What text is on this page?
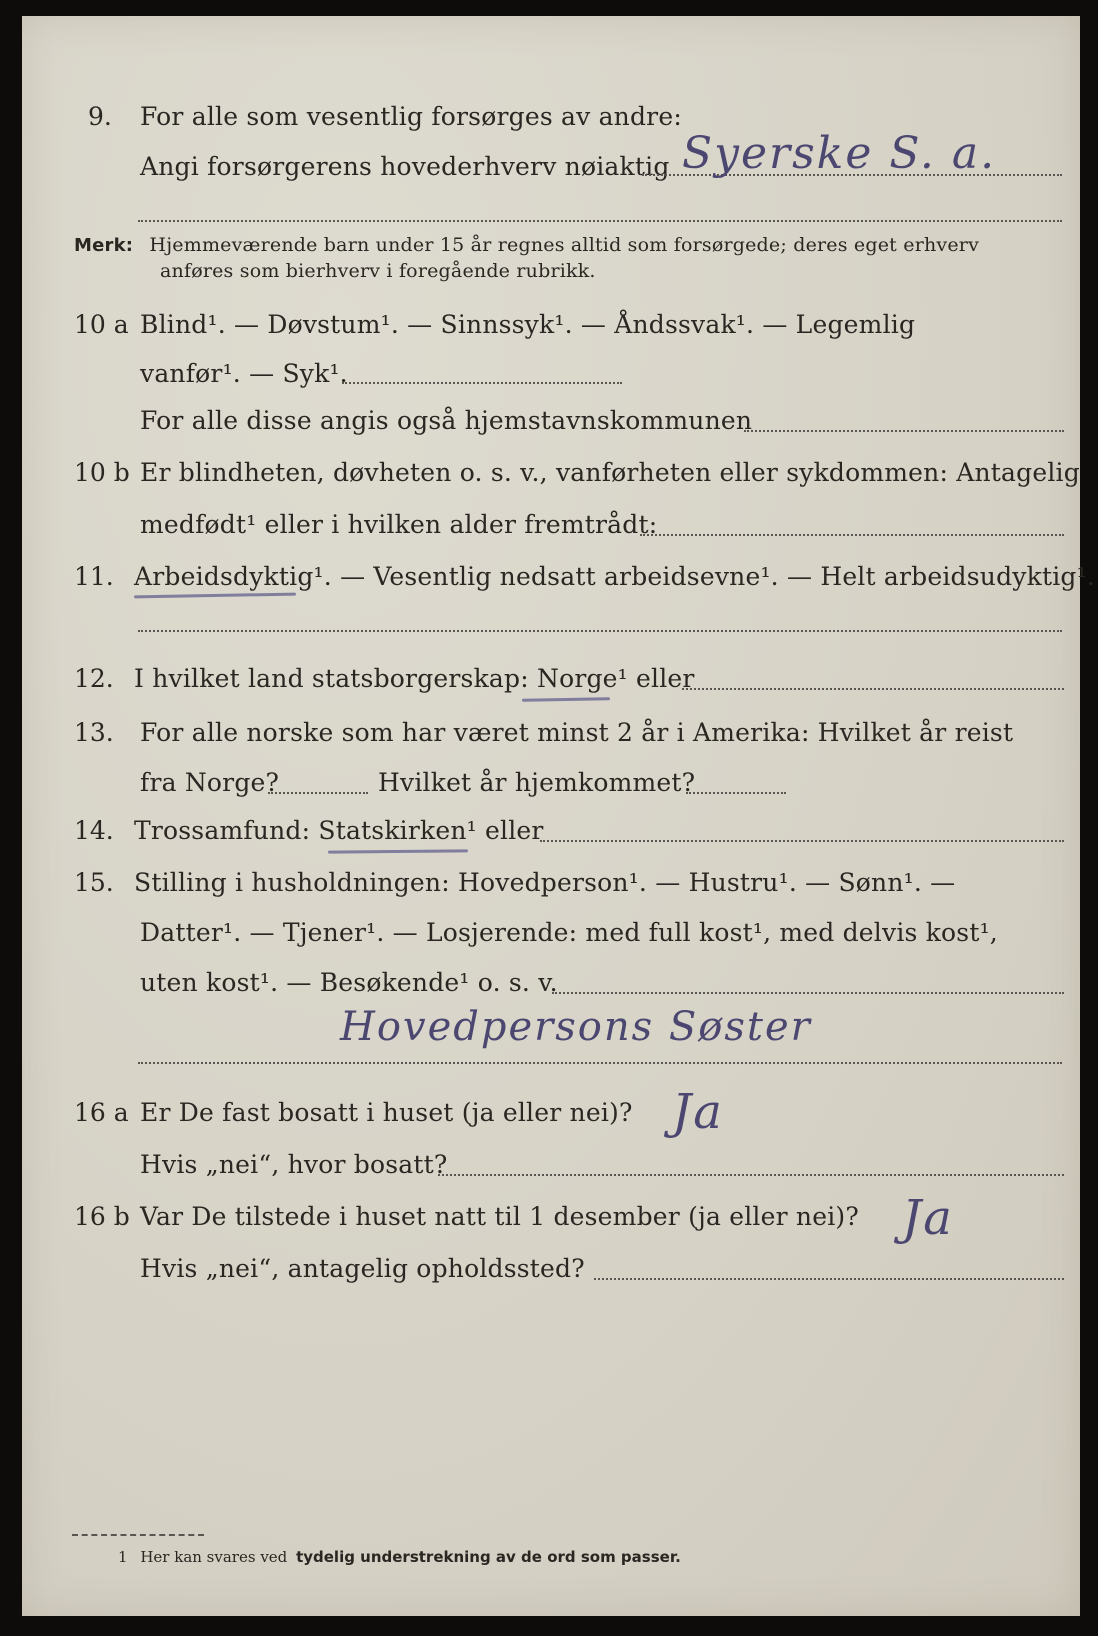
9. For alle som vesentlig forsørges av andre:
Angi forsørgerens hovederhverv nøiaktig Syerske S. a.
Merk: Hjemmeværende barn under 15 år regnes alltid som forsørgede; deres eget erhverv
anføres som bierhverv i foregående rubrikk.
10 a Blind¹. — Døvstum¹. — Sinnssyk¹. — Åndssvak¹. — Legemlig
vanfør¹. — Syk¹.
For alle disse angis også hjemstavnskommunen
10 b Er blindheten, døvheten o. s. v., vanførheten eller sykdommen: Antagelig
medfødt¹ eller i hvilken alder fremtrådt:
11. Arbeidsdyktig¹. — Vesentlig nedsatt arbeidsevne¹. — Helt arbeidsudyktig¹.
12. I hvilket land statsborgerskap: Norge¹ eller
13. For alle norske som har været minst 2 år i Amerika: Hvilket år reist
fra Norge?	Hvilket år hjemkommet?
14. Trossamfund: Statskirken¹ eller
15. Stilling i husholdningen: Hovedperson¹. — Hustru¹. — Sønn¹. —
Datter¹. — Tjener¹. — Losjerende: med full kost¹, med delvis kost¹,
uten kost¹. — Besøkende¹ o. s. v.
Hovedpersons Søster
16 a Er De fast bosatt i huset (ja eller nei)? Ja
Hvis „nei“, hvor bosatt?
16 b Var De tilstede i huset natt til 1 desember (ja eller nei)? Ja
Hvis „nei“, antagelig opholdssted?
1 Her kan svares ved tydelig understrekning av de ord som passer.
